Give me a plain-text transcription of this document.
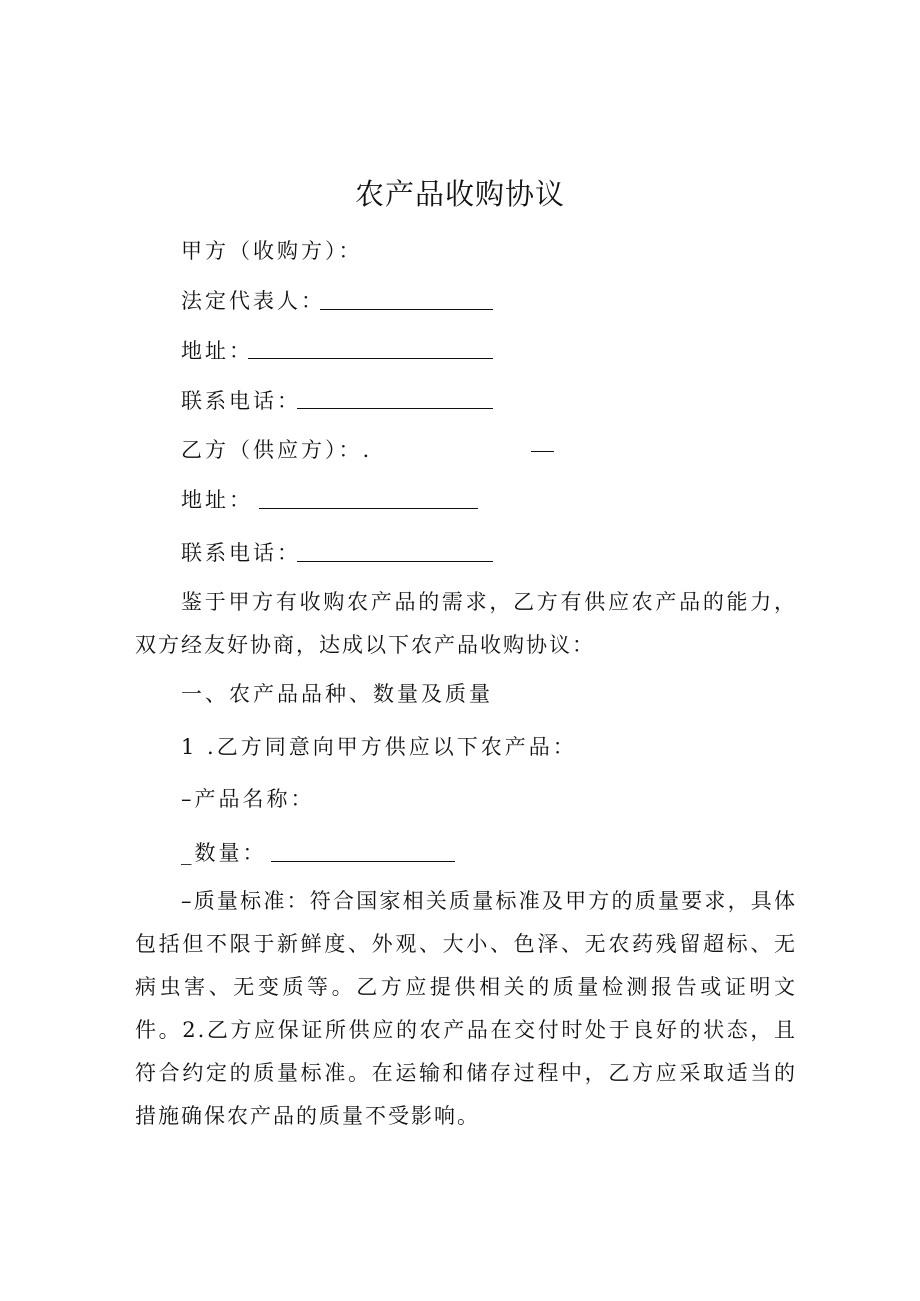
农产品收购协议
甲方（收购方）：
法定代表人：
地址：
联系电话：
乙方（供应方）：.
地址：
联系电话：

鉴于甲方有收购农产品的需求，乙方有供应农产品的能力，双方经友好协商，达成以下农产品收购协议：

一、农产品品种、数量及质量
1 .乙方同意向甲方供应以下农产品：
–产品名称：
_数量：

–质量标准：符合国家相关质量标准及甲方的质量要求，具体包括但不限于新鲜度、外观、大小、色泽、无农药残留超标、无病虫害、无变质等。乙方应提供相关的质量检测报告或证明文件。2.乙方应保证所供应的农产品在交付时处于良好的状态，且符合约定的质量标准。在运输和储存过程中，乙方应采取适当的措施确保农产品的质量不受影响。
